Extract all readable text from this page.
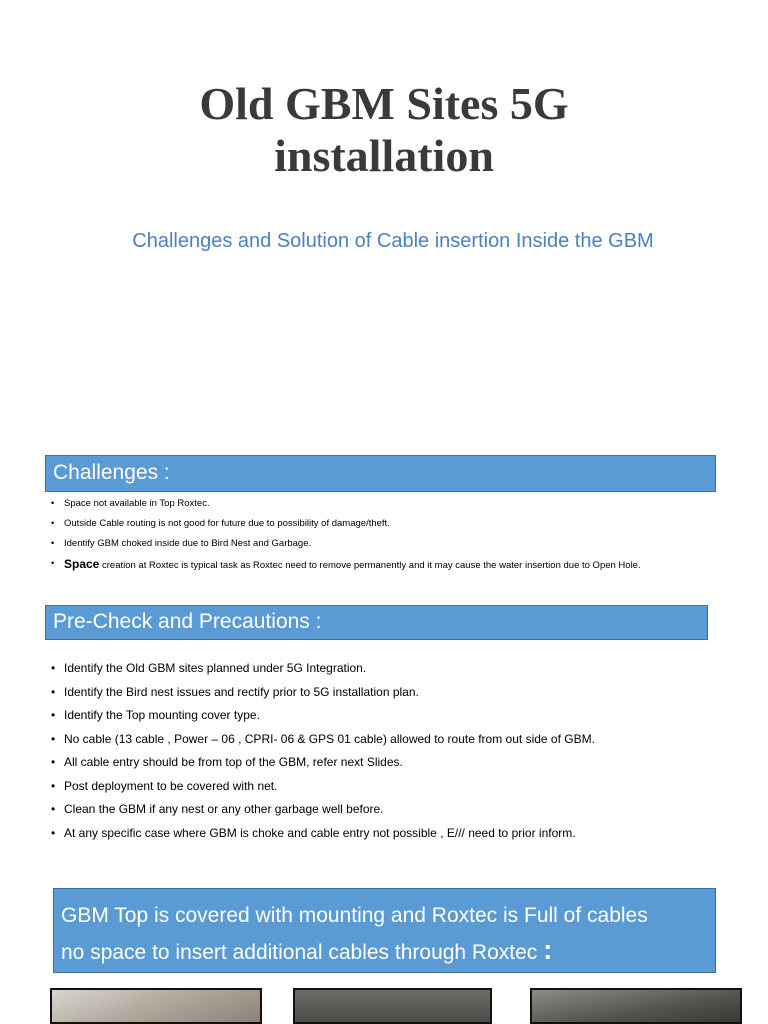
Old GBM Sites 5G
installation
Challenges and Solution of Cable insertion Inside the GBM
Challenges :
• Space not available in Top Roxtec.
• Outside Cable routing is not good for future due to possibility of damage/theft.
• Identify GBM choked inside due to Bird Nest and Garbage.
• Space creation at Roxtec is typical task as Roxtec need to remove permanently and it may cause the water insertion due to Open Hole.
Pre-Check and Precautions :
• Identify the Old GBM sites planned under 5G Integration.
• Identify the Bird nest issues and rectify prior to 5G installation plan.
• Identify the Top mounting cover type.
• No cable (13 cable , Power – 06 , CPRI- 06 & GPS 01 cable) allowed to route from out side of GBM.
• All cable entry should be from top of the GBM, refer next Slides.
• Post deployment to be covered with net.
• Clean the GBM if any nest or any other garbage well before.
• At any specific case where GBM is choke and cable entry not possible , E/// need to prior inform.
GBM Top is covered with mounting and Roxtec is Full of cables
no space to insert additional cables through Roxtec :
